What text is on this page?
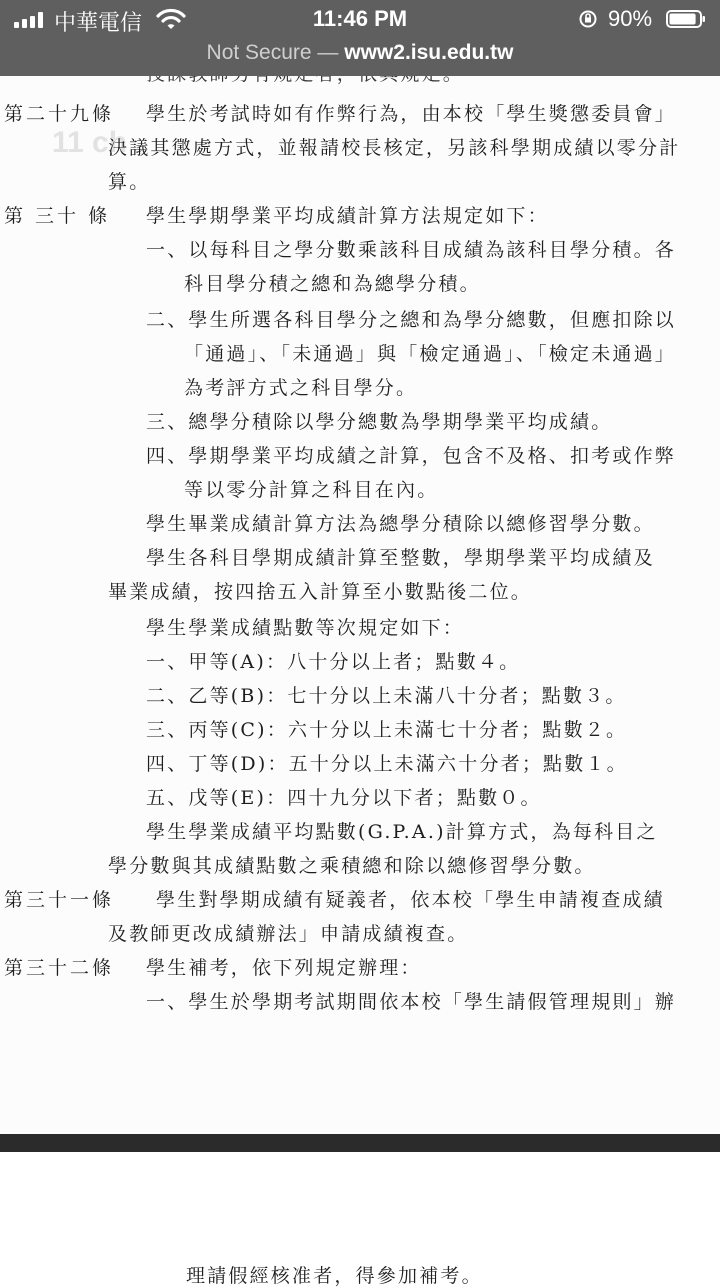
中華電信	11:46 PM	90%
Not Secure — www2.isu.edu.tw
11 ch
第二十九條 學生於考試時如有作弊行為，由本校「學生獎懲委員會」
決議其懲處方式，並報請校長核定，另該科學期成績以零分計
算。
第 三十 條 學生學期學業平均成績計算方法規定如下：
一、以每科目之學分數乘該科目成績為該科目學分積。各
科目學分積之總和為總學分積。
二、學生所選各科目學分之總和為學分總數，但應扣除以
「通過」、「未通過」與「檢定通過」、「檢定未通過」
為考評方式之科目學分。
三、總學分積除以學分總數為學期學業平均成績。
四、學期學業平均成績之計算，包含不及格、扣考或作弊
等以零分計算之科目在內。
學生畢業成績計算方法為總學分積除以總修習學分數。
學生各科目學期成績計算至整數，學期學業平均成績及
畢業成績，按四捨五入計算至小數點後二位。
學生學業成績點數等次規定如下：
一、甲等(A)：八十分以上者；點數４。
二、乙等(B)：七十分以上未滿八十分者；點數３。
三、丙等(C)：六十分以上未滿七十分者；點數２。
四、丁等(D)：五十分以上未滿六十分者；點數１。
五、戊等(E)：四十九分以下者；點數０。
學生學業成績平均點數(G.P.A.)計算方式，為每科目之
學分數與其成績點數之乘積總和除以總修習學分數。
第三十一條 學生對學期成績有疑義者，依本校「學生申請複查成績
及教師更改成績辦法」申請成績複查。
第三十二條 學生補考，依下列規定辦理：
一、學生於學期考試期間依本校「學生請假管理規則」辦
理請假經核准者，得參加補考。
